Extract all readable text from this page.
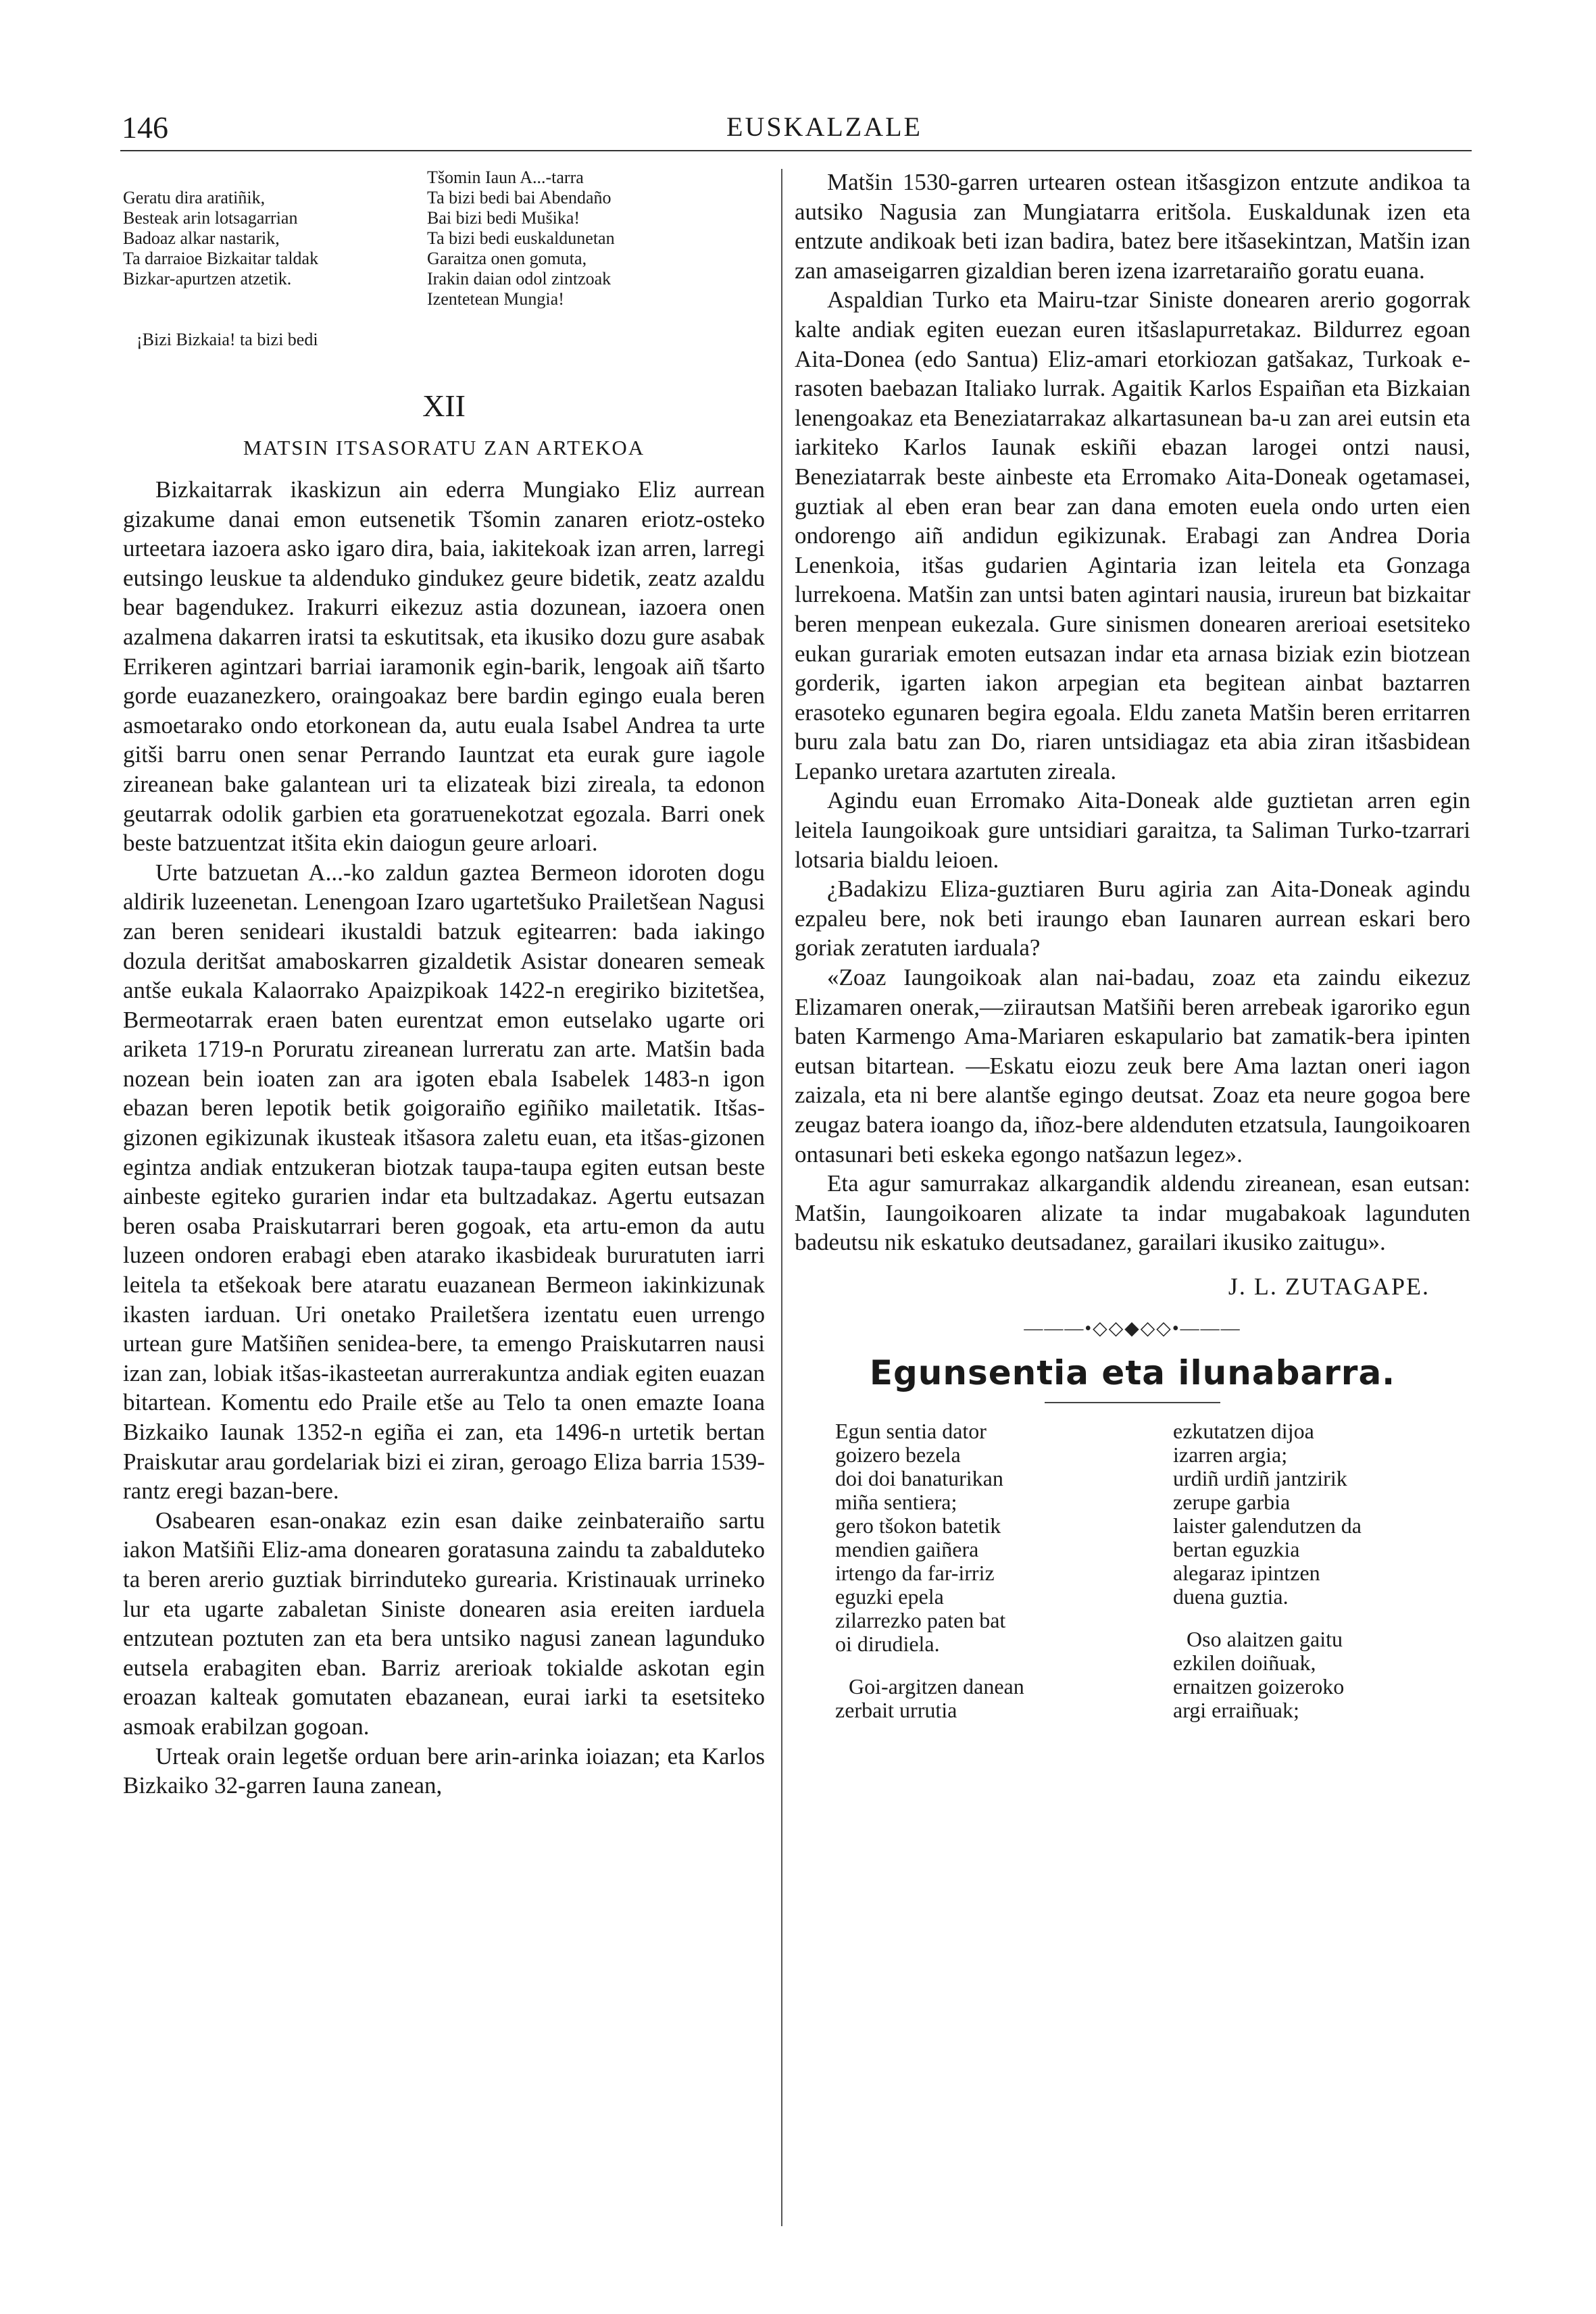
146	EUSKALZALE

Geratu dira aratiñik,
Besteak arin lotsagarrian
Badoaz alkar nastarik,
Ta darraioe Bizkaitar taldak
Bizkar-apurtzen atzetik.

¡Bizi Bizkaia! ta bizi bedi

Tšomin Iaun A...-tarra
Ta bizi bedi bai Abendaño
Bai bizi bedi Mušika!
Ta bizi bedi euskaldunetan
Garaitza onen gomuta,
Irakin daian odol zintzoak
Izentetean Mungia!
XII
MATSIN ITSASORATU ZAN ARTEKOA

Bizkaitarrak ikaskizun ain ederra Mungiako Eliz aurrean gizakume danai emon eutsenetik Tšomin zanaren eriotz-osteko urteetara iazoera asko igaro dira, baia, iakitekoak izan arren, larregi eutsingo leuskue ta aldenduko gindukez geure bidetik, zeatz azaldu bear bagendukez. Irakurri eikezuz astia dozunean, iazoera onen azalmena dakarren iratsi ta eskutitsak, eta ikusiko dozu gure asabak Errikeren agintzari barriai iaramonik egin-barik, lengoak aiñ tšarto gorde euazanezkero, oraingoakaz bere bardin egingo euala beren asmoetarako ondo etorkonean da, autu euala Isabel Andrea ta urte gitši barru onen senar Perrando Iauntzat eta eurak gure iagole zireanean bake galantean uri ta elizateak bizi zireala, ta edonon geutarrak odolik garbien eta gorатuenekotzat egozala. Barri onek beste batzuentzat itšita ekin daiogun geure arloari.

Urte batzuetan A...-ko zaldun gaztea Bermeon idoroten dogu aldirik luzeenetan. Lenengoan Izaro ugartetšuko Prailetšean Nagusi zan beren senideari ikustaldi batzuk egitearren: bada iakingo dozula deritšat amaboskarren gizaldetik Asistar donearen semeak antše eukala Kalaorrako Apaizpikoak 1422-n eregiriko bizitetšea, Bermeotarrak eraen baten eurentzat emon eutselako ugarte ori ariketa 1719-n Poruratu zireanean lurreratu zan arte. Matšin bada nozean bein ioaten zan ara igoten ebala Isabelek 1483-n igon ebazan beren lepotik betik goigoraiño egiñiko mailetatik. Itšas-gizonen egikizunak ikusteak itšasora zaletu euan, eta itšas-gizonen egintza andiak entzukeran biotzak taupa-taupa egiten eutsan beste ainbeste egiteko gurarien indar eta bultzadakaz. Agertu eutsazan beren osaba Praiskutarrari beren gogoak, eta artu-emon da autu luzeen ondoren erabagi eben atarako ikasbideak bururatuten iarri leitela ta etšekoak bere ataratu euazanean Bermeon iakinkizunak ikasten iarduan. Uri onetako Prailetšera izentatu euen urrengo urtean gure Matšiñen senidea-bere, ta emengo Praiskutarren nausi izan zan, lobiak itšas-ikasteetan aurrerakuntza andiak egiten euazan bitartean. Komentu edo Praile etše au Telo ta onen emazte Ioana Bizkaiko Iaunak 1352-n egiña ei zan, eta 1496-n urtetik bertan Praiskutar arau gordelariak bizi ei ziran, geroago Eliza barria 1539-rantz eregi bazan-bere.

Osabearen esan-onakaz ezin esan daike zeinbateraiño sartu iakon Matšiñi Eliz-ama donearen goratasuna zaindu ta zabalduteko ta beren arerio guztiak birrinduteko gurearia. Kristinauak urrineko lur eta ugarte zabaletan Siniste donearen asia ereiten iarduela entzutean poztuten zan eta bera untsiko nagusi zanean lagunduko eutsela erabagiten eban. Barriz arerioak tokialde askotan egin eroazan kalteak gomutaten ebazanean, eurai iarki ta esetsiteko asmoak erabilzan gogoan.

Urteak orain legetše orduan bere arin-arinka ioiazan; eta Karlos Bizkaiko 32-garren Iauna zanean,

Matšin 1530-garren urtearen ostean itšasgizon entzute andikoa ta autsiko Nagusia zan Mungiatarra eritšola. Euskaldunak izen eta entzute andikoak beti izan badira, batez bere itšasekintzan, Matšin izan zan amaseigarren gizaldian beren izena izarretaraiño goratu euana.

Aspaldian Turko eta Mairu-tzar Siniste donearen arerio gogorrak kalte andiak egiten euezan euren itšaslapurretakaz. Bildurrez egoan Aita-Donea (edo Santua) Eliz-amari etorkiozan gatšakaz, Turkoak e-rasoten baebazan Italiako lurrak. Agaitik Karlos Espaiñan eta Bizkaian lenengoakaz eta Beneziatarrakaz alkartasunean ba-u zan arei eutsin eta iarkiteko Karlos Iaunak eskiñi ebazan larogei ontzi nausi, Beneziatarrak beste ainbeste eta Erromako Aita-Doneak ogetamasei, guztiak al eben eran bear zan dana emoten euela ondo urten eien ondorengo aiñ andidun egikizunak. Erabagi zan Andrea Doria Lenenkoia, itšas gudarien Agintaria izan leitela eta Gonzaga lurrekoena. Matšin zan untsi baten agintari nausia, irureun bat bizkaitar beren menpean eukezala. Gure sinismen donearen arerioai esetsiteko eukan gurariak emoten eutsazan indar eta arnasa biziak ezin biotzean gorderik, igarten iakon arpegian eta begitean ainbat baztarren erasoteko egunaren begira egoala. Eldu zaneta Matšin beren erritarren buru zala batu zan Do, riaren untsidiagaz eta abia ziran itšasbidean Lepanko uretara azartuten zireala.

Agindu euan Erromako Aita-Doneak alde guztietan arren egin leitela Iaungoikoak gure untsidiari garaitza, ta Saliman Turko-tzarrari lotsaria bialdu leioen.

¿Badakizu Eliza-guztiaren Buru agiria zan Aita-Doneak agindu ezpaleu bere, nok beti iraungo eban Iaunaren aurrean eskari bero goriak zeratuten iarduala?

«Zoaz Iaungoikoak alan nai-badau, zoaz eta zaindu eikezuz Elizamaren onerak,—ziirautsan Matšiñi beren arrebeak igaroriko egun baten Karmengo Ama-Mariaren eskapulario bat zamatik-bera ipinten eutsan bitartean. —Eskatu eiozu zeuk bere Ama laztan oneri iagon zaizala, eta ni bere alantše egingo deutsat. Zoaz eta neure gogoa bere zeugaz batera ioango da, iñoz-bere aldenduten etzatsula, Iaungoikoaren ontasunari beti eskeka egongo natšazun legez».

Eta agur samurrakaz alkargandik aldendu zireanean, esan eutsan: Matšin, Iaungoikoaren alizate ta indar mugabakoak lagunduten badeutsu nik eskatuko deutsadanez, garailari ikusiko zaitugu».

J. L. ZUTAGAPE.
———•◇◇◆◇◇•———
Egunsentia eta ilunabarra.
Egun sentia dator
goizero bezela
doi doi banaturikan
miña sentiera;
gero tšokon batetik
mendien gaiñera
irtengo da far-irriz
eguzki epela
zilarrezko paten bat
oi dirudiela.
Goi-argitzen danean
zerbait urrutia
ezkutatzen dijoa
izarren argia;
urdiñ urdiñ jantzirik
zerupe garbia
laister galendutzen da
bertan eguzkia
alegaraz ipintzen
duena guztia.
Oso alaitzen gaitu
ezkilen doiñuak,
ernaitzen goizeroko
argi erraiñuak;
